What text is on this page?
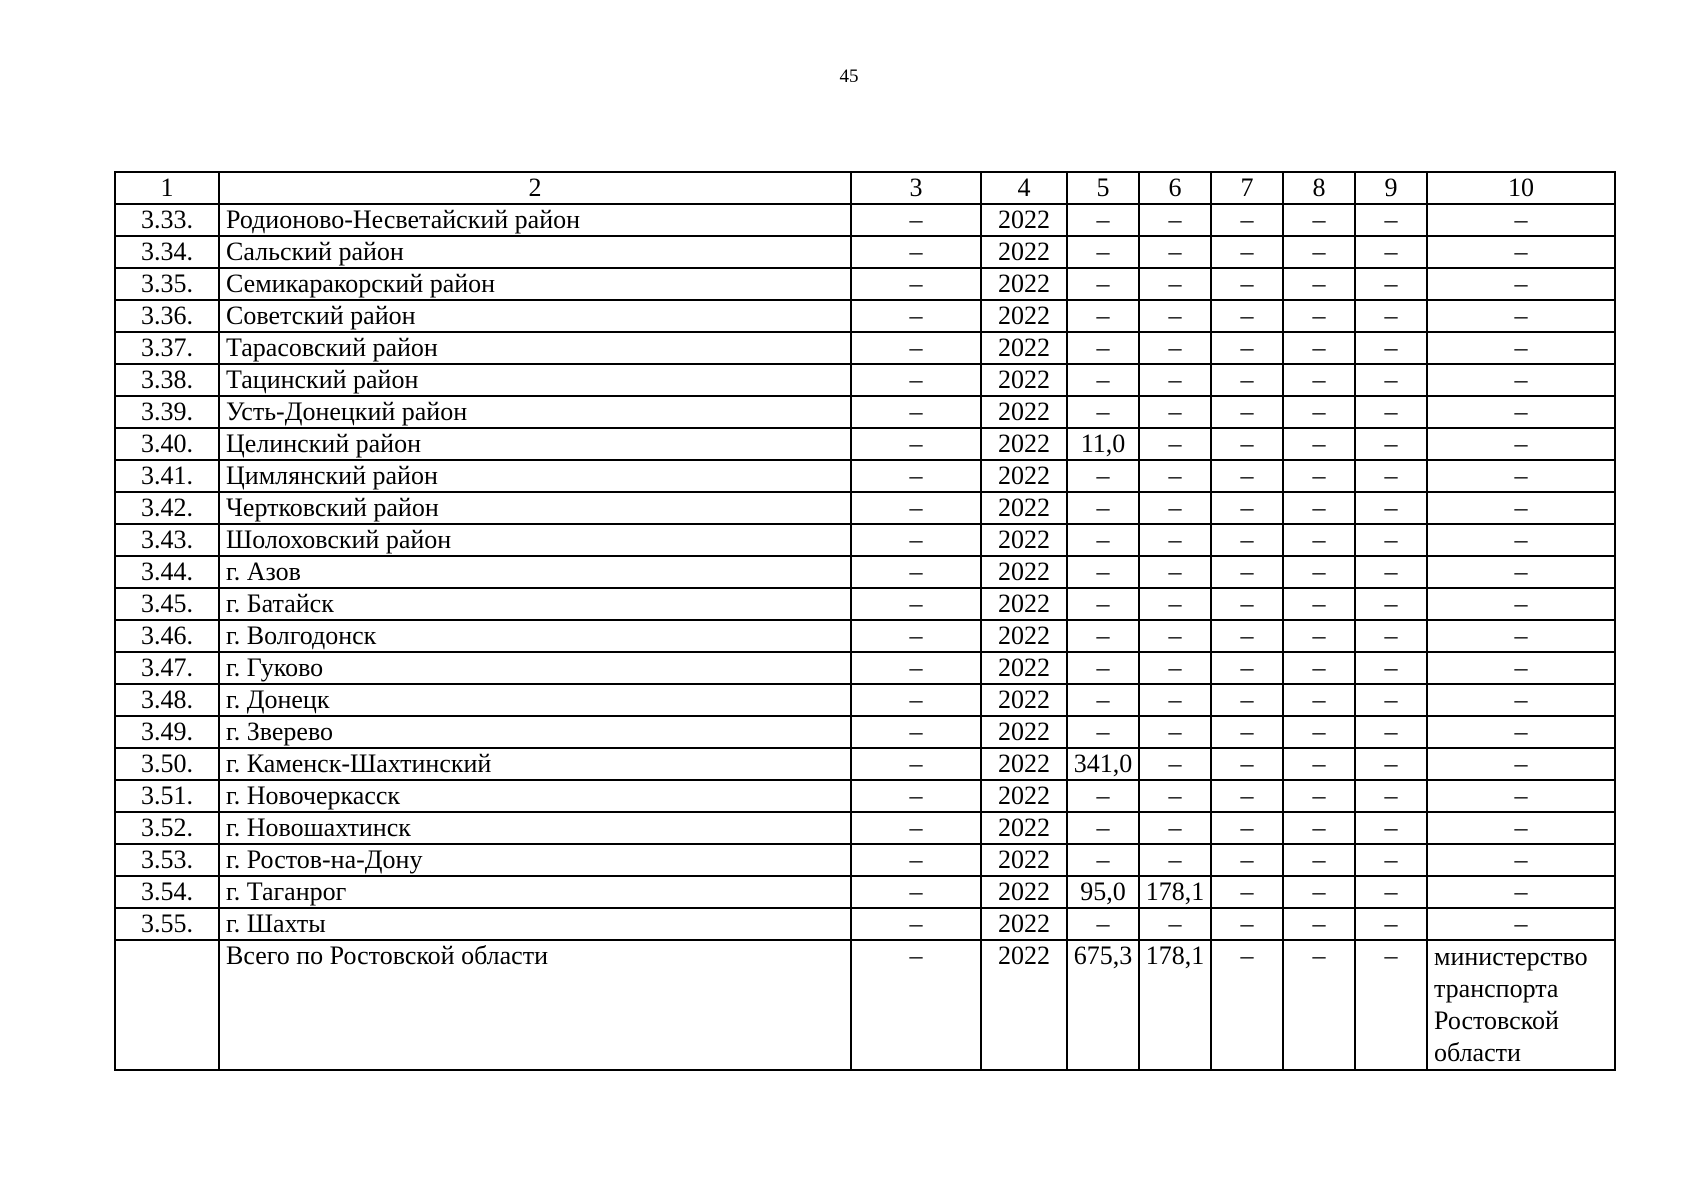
45
1	2	3	4	5	6	7	8	9	10
3.33.	Родионово-Несветайский район	–	2022	–	–	–	–	–	–
3.34.	Сальский район	–	2022	–	–	–	–	–	–
3.35.	Семикаракорский район	–	2022	–	–	–	–	–	–
3.36.	Советский район	–	2022	–	–	–	–	–	–
3.37.	Тарасовский район	–	2022	–	–	–	–	–	–
3.38.	Тацинский район	–	2022	–	–	–	–	–	–
3.39.	Усть-Донецкий район	–	2022	–	–	–	–	–	–
3.40.	Целинский район	–	2022	11,0	–	–	–	–	–
3.41.	Цимлянский район	–	2022	–	–	–	–	–	–
3.42.	Чертковский район	–	2022	–	–	–	–	–	–
3.43.	Шолоховский район	–	2022	–	–	–	–	–	–
3.44.	г. Азов	–	2022	–	–	–	–	–	–
3.45.	г. Батайск	–	2022	–	–	–	–	–	–
3.46.	г. Волгодонск	–	2022	–	–	–	–	–	–
3.47.	г. Гуково	–	2022	–	–	–	–	–	–
3.48.	г. Донецк	–	2022	–	–	–	–	–	–
3.49.	г. Зверево	–	2022	–	–	–	–	–	–
3.50.	г. Каменск-Шахтинский	–	2022	341,0	–	–	–	–	–
3.51.	г. Новочеркасск	–	2022	–	–	–	–	–	–
3.52.	г. Новошахтинск	–	2022	–	–	–	–	–	–
3.53.	г. Ростов-на-Дону	–	2022	–	–	–	–	–	–
3.54.	г. Таганрог	–	2022	95,0	178,1	–	–	–	–
3.55.	г. Шахты	–	2022	–	–	–	–	–	–
	Всего по Ростовской области	–	2022	675,3	178,1	–	–	–	министерство транспорта Ростовской области
